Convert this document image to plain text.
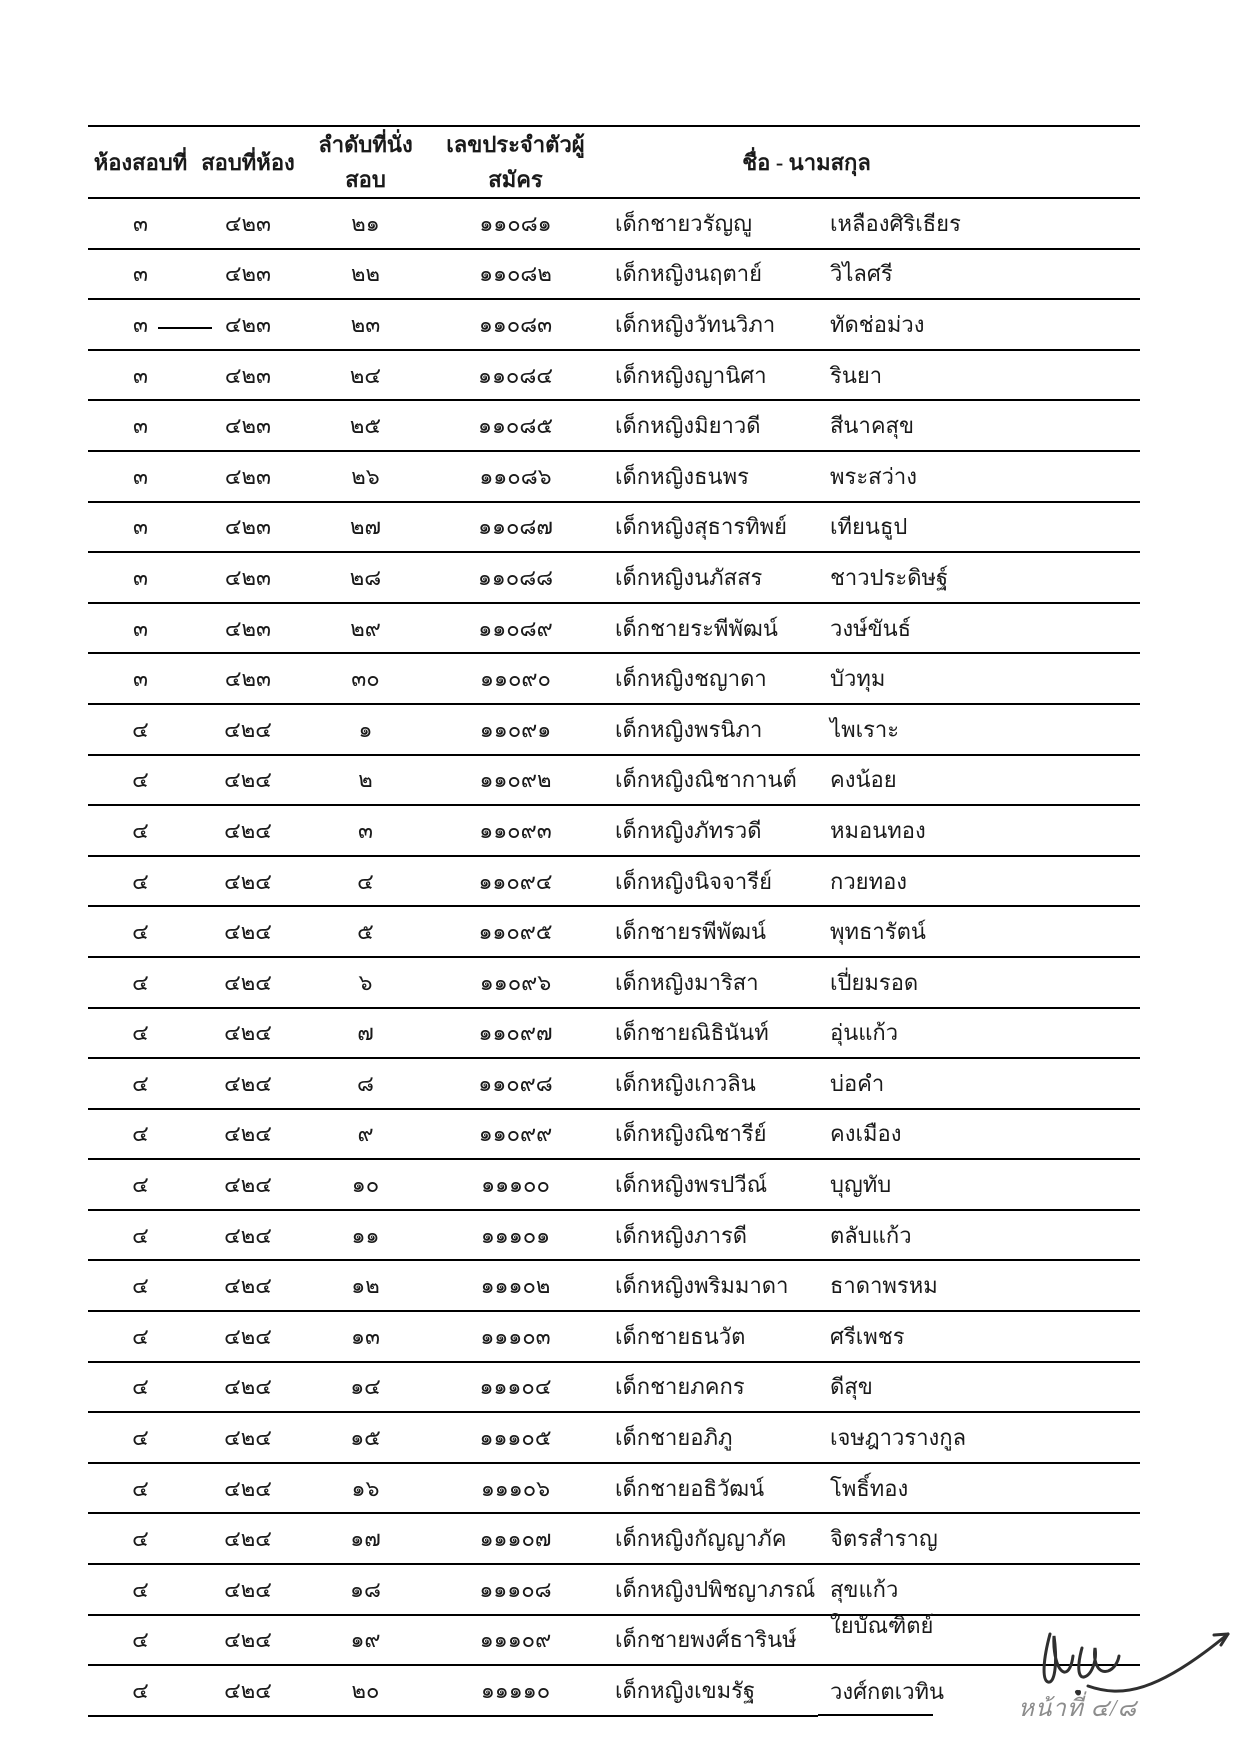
ห้องสอบที่	สอบที่ห้อง	ลำดับที่นั่งสอบ	เลขประจำตัวผู้สมัคร	ชื่อ - นามสกุล	
๓	๔๒๓	๒๑	๑๑๐๘๑	เด็กชายวรัญญู	เหลืองศิริเธียร
๓	๔๒๓	๒๒	๑๑๐๘๒	เด็กหญิงนฤตาย์	วิไลศรี
๓	๔๒๓	๒๓	๑๑๐๘๓	เด็กหญิงวัทนวิภา	ทัดช่อม่วง
๓	๔๒๓	๒๔	๑๑๐๘๔	เด็กหญิงญานิศา	รินยา
๓	๔๒๓	๒๕	๑๑๐๘๕	เด็กหญิงมิยาวดี	สีนาคสุข
๓	๔๒๓	๒๖	๑๑๐๘๖	เด็กหญิงธนพร	พระสว่าง
๓	๔๒๓	๒๗	๑๑๐๘๗	เด็กหญิงสุธารทิพย์	เทียนธูป
๓	๔๒๓	๒๘	๑๑๐๘๘	เด็กหญิงนภัสสร	ชาวประดิษฐ์
๓	๔๒๓	๒๙	๑๑๐๘๙	เด็กชายระพีพัฒน์	วงษ์ขันธ์
๓	๔๒๓	๓๐	๑๑๐๙๐	เด็กหญิงชญาดา	บัวทุม
๔	๔๒๔	๑	๑๑๐๙๑	เด็กหญิงพรนิภา	ไพเราะ
๔	๔๒๔	๒	๑๑๐๙๒	เด็กหญิงณิชากานต์	คงน้อย
๔	๔๒๔	๓	๑๑๐๙๓	เด็กหญิงภัทรวดี	หมอนทอง
๔	๔๒๔	๔	๑๑๐๙๔	เด็กหญิงนิจจารีย์	กวยทอง
๔	๔๒๔	๕	๑๑๐๙๕	เด็กชายรพีพัฒน์	พุทธารัตน์
๔	๔๒๔	๖	๑๑๐๙๖	เด็กหญิงมาริสา	เปี่ยมรอด
๔	๔๒๔	๗	๑๑๐๙๗	เด็กชายณิธินันท์	อุ่นแก้ว
๔	๔๒๔	๘	๑๑๐๙๘	เด็กหญิงเกวลิน	บ่อคำ
๔	๔๒๔	๙	๑๑๐๙๙	เด็กหญิงณิชารีย์	คงเมือง
๔	๔๒๔	๑๐	๑๑๑๐๐	เด็กหญิงพรปวีณ์	บุญทับ
๔	๔๒๔	๑๑	๑๑๑๐๑	เด็กหญิงภารดี	ตลับแก้ว
๔	๔๒๔	๑๒	๑๑๑๐๒	เด็กหญิงพริมมาดา	ธาดาพรหม
๔	๔๒๔	๑๓	๑๑๑๐๓	เด็กชายธนวัต	ศรีเพชร
๔	๔๒๔	๑๔	๑๑๑๐๔	เด็กชายภคกร	ดีสุข
๔	๔๒๔	๑๕	๑๑๑๐๕	เด็กชายอภิภู	เจษฎาวรางกูล
๔	๔๒๔	๑๖	๑๑๑๐๖	เด็กชายอธิวัฒน์	โพธิ์ทอง
๔	๔๒๔	๑๗	๑๑๑๐๗	เด็กหญิงกัญญาภัค	จิตรสำราญ
๔	๔๒๔	๑๘	๑๑๑๐๘	เด็กหญิงปพิชญาภรณ์	สุขแก้ว
๔	๔๒๔	๑๙	๑๑๑๐๙	เด็กชายพงศ์ธารินษ์	ใยบัณฑิตย์
๔	๔๒๔	๒๐	๑๑๑๑๐	เด็กหญิงเขมรัฐ	วงศ์กตเวทิน
หน้าที่ ๔/๘
